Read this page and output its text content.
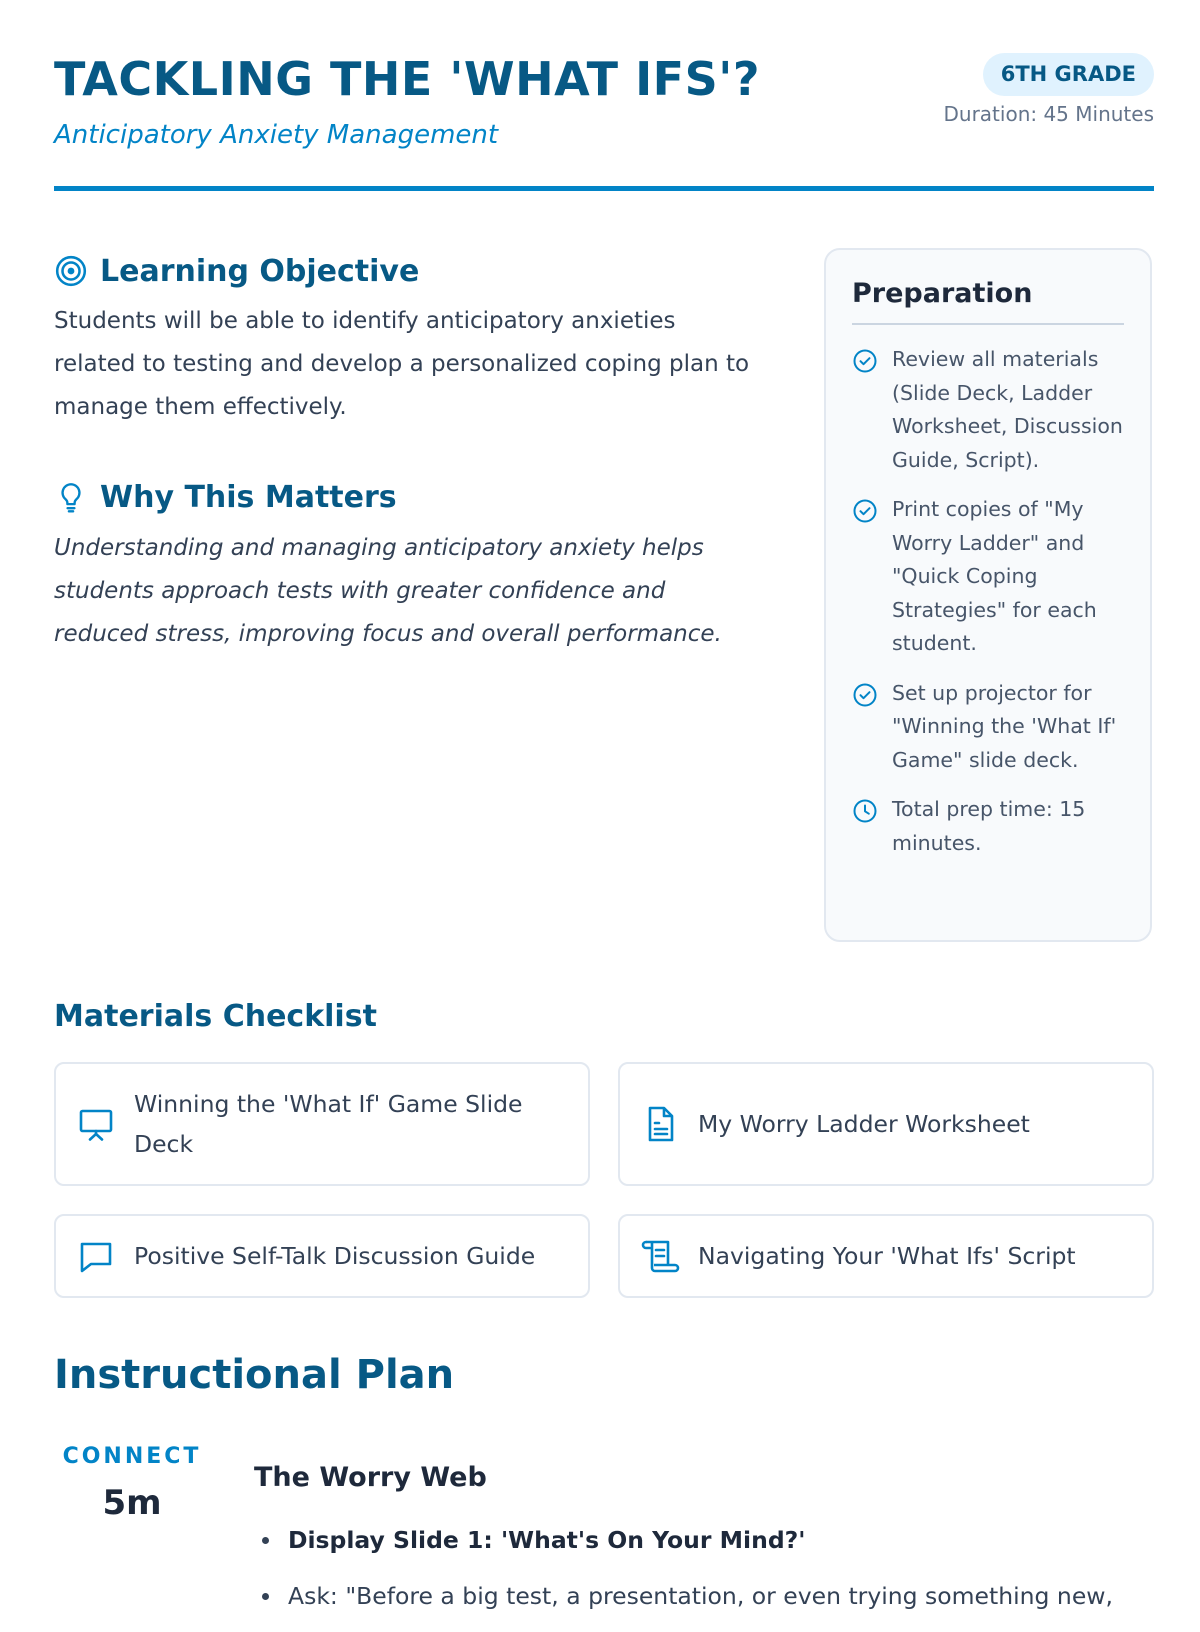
TACKLING THE 'WHAT IFS'?
Anticipatory Anxiety Management
6TH GRADE
Duration: 45 Minutes
Learning Objective

Students will be able to identify anticipatory anxieties related to testing and develop a personalized coping plan to manage them effectively.

Why This Matters

Understanding and managing anticipatory anxiety helps students approach tests with greater confidence and reduced stress, improving focus and overall performance.

Preparation
Review all materials (Slide Deck, Ladder Worksheet, Discussion Guide, Script).
Print copies of "My Worry Ladder" and "Quick Coping Strategies" for each student.
Set up projector for "Winning the 'What If' Game" slide deck.
Total prep time: 15 minutes.
Materials Checklist
Winning the 'What If' Game Slide Deck
My Worry Ladder Worksheet
Positive Self-Talk Discussion Guide	Navigating Your 'What Ifs' Script
Instructional Plan
CONNECT
5m
The Worry Web
Display Slide 1: 'What's On Your Mind?'
Ask: "Before a big test, a presentation, or even trying something new,
